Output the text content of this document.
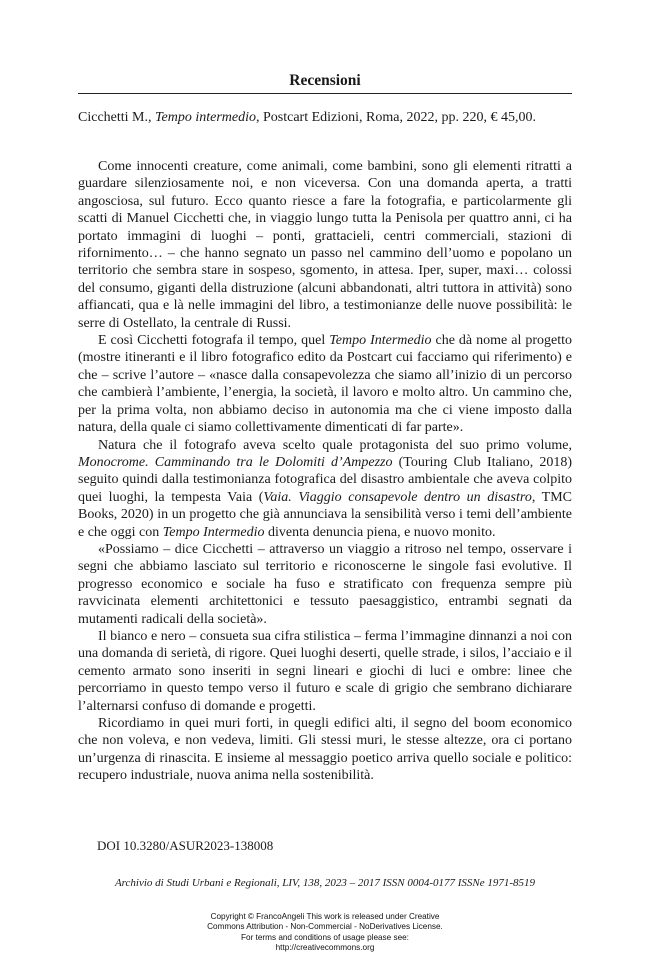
Recensioni
Cicchetti M., Tempo intermedio, Postcart Edizioni, Roma, 2022, pp. 220, € 45,00.

Come innocenti creature, come animali, come bambini, sono gli elementi ritratti a guardare silenziosamente noi, e non viceversa. Con una domanda aperta, a tratti angosciosa, sul futuro. Ecco quanto riesce a fare la fotografia, e particolarmente gli scatti di Manuel Cicchetti che, in viaggio lungo tutta la Penisola per quattro anni, ci ha portato immagini di luoghi – ponti, grattacieli, centri commerciali, stazioni di rifornimento… – che hanno segnato un passo nel cammino dell’uomo e popolano un territorio che sembra stare in sospeso, sgomento, in attesa. Iper, super, maxi… colossi del consumo, giganti della distruzione (alcuni abbandonati, altri tuttora in attività) sono affiancati, qua e là nelle immagini del libro, a testimonianze delle nuove possibilità: le serre di Ostellato, la centrale di Russi.

E così Cicchetti fotografa il tempo, quel Tempo Intermedio che dà nome al progetto (mostre itineranti e il libro fotografico edito da Postcart cui facciamo qui riferimento) e che – scrive l’autore – «nasce dalla consapevolezza che siamo all’inizio di un percorso che cambierà l’ambiente, l’energia, la società, il lavoro e molto altro. Un cammino che, per la prima volta, non abbiamo deciso in autonomia ma che ci viene imposto dalla natura, della quale ci siamo collettivamente dimenticati di far parte».

Natura che il fotografo aveva scelto quale protagonista del suo primo volume, Monocrome. Camminando tra le Dolomiti d’Ampezzo (Touring Club Italiano, 2018) seguito quindi dalla testimonianza fotografica del disastro ambientale che aveva colpito quei luoghi, la tempesta Vaia (Vaia. Viaggio consapevole dentro un disastro, TMC Books, 2020) in un progetto che già annunciava la sensibilità verso i temi dell’ambiente e che oggi con Tempo Intermedio diventa denuncia piena, e nuovo monito.

«Possiamo – dice Cicchetti – attraverso un viaggio a ritroso nel tempo, osservare i segni che abbiamo lasciato sul territorio e riconoscerne le singole fasi evolutive. Il progresso economico e sociale ha fuso e stratificato con frequenza sempre più ravvicinata elementi architettonici e tessuto paesaggistico, entrambi segnati da mutamenti radicali della società».

Il bianco e nero – consueta sua cifra stilistica – ferma l’immagine dinnanzi a noi con una domanda di serietà, di rigore. Quei luoghi deserti, quelle strade, i silos, l’acciaio e il cemento armato sono inseriti in segni lineari e giochi di luci e ombre: linee che percorriamo in questo tempo verso il futuro e scale di grigio che sembrano dichiarare l’alternarsi confuso di domande e progetti.

Ricordiamo in quei muri forti, in quegli edifici alti, il segno del boom economico che non voleva, e non vedeva, limiti. Gli stessi muri, le stesse altezze, ora ci portano un’urgenza di rinascita. E insieme al messaggio poetico arriva quello sociale e politico: recupero industriale, nuova anima nella sostenibilità.

DOI 10.3280/ASUR2023-138008
Archivio di Studi Urbani e Regionali, LIV, 138, 2023 – 2017 ISSN 0004-0177 ISSNe 1971-8519
Copyright © FrancoAngeli This work is released under Creative
Commons Attribution - Non-Commercial - NoDerivatives License.
For terms and conditions of usage please see:
http://creativecommons.org
